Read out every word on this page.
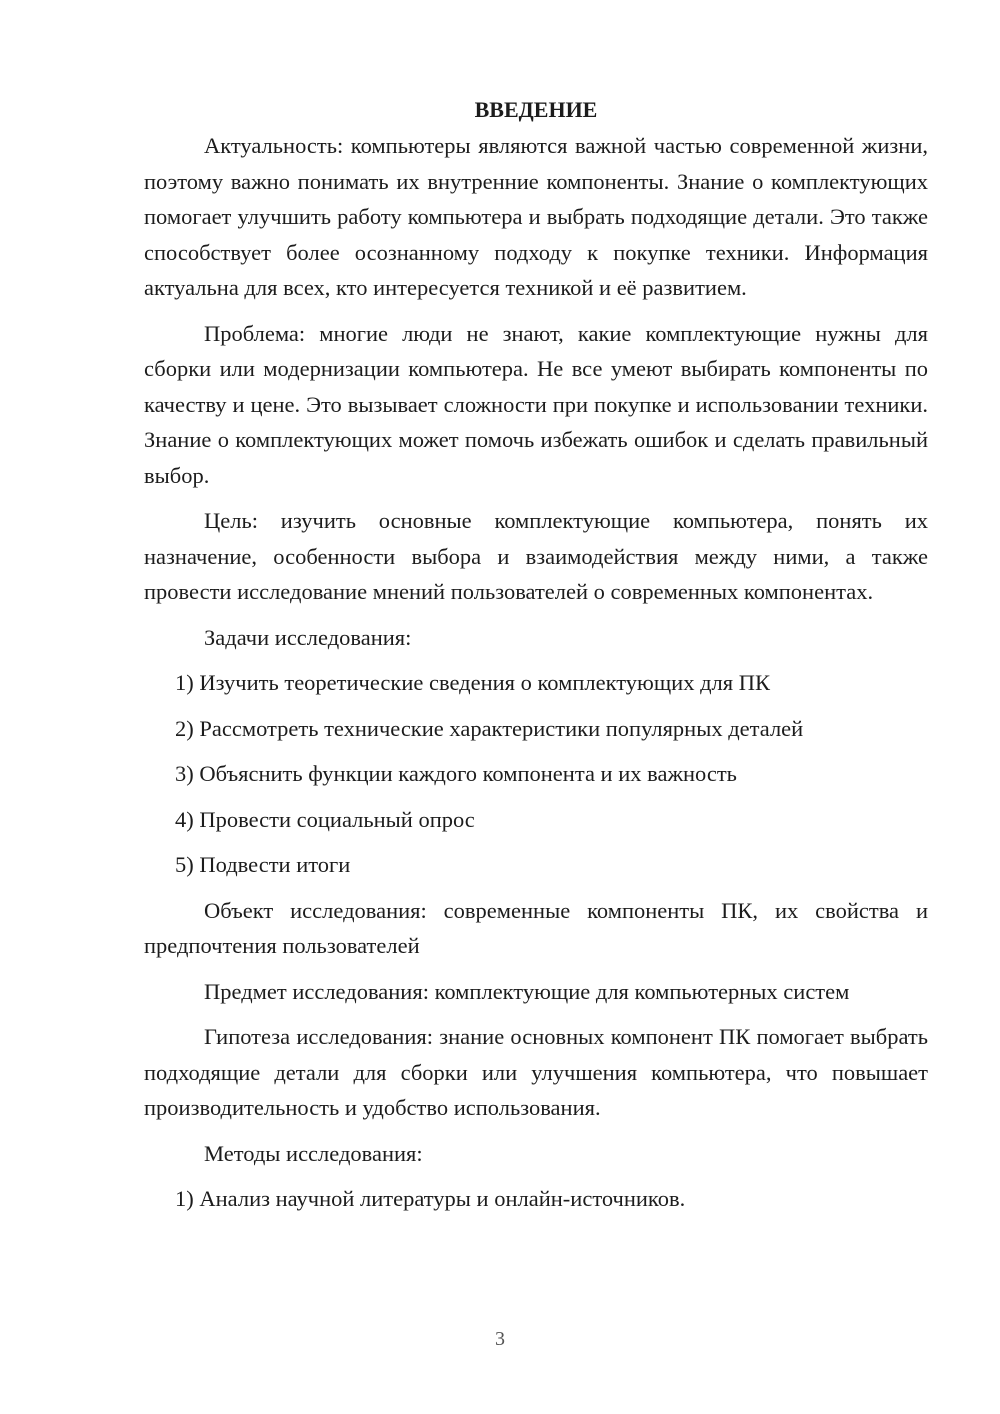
ВВЕДЕНИЕ

Актуальность: компьютеры являются важной частью современной жизни, поэтому важно понимать их внутренние компоненты. Знание о комплектующих помогает улучшить работу компьютера и выбрать подходящие детали. Это также способствует более осознанному подходу к покупке техники. Информация актуальна для всех, кто интересуется техникой и её развитием.

Проблема: многие люди не знают, какие комплектующие нужны для сборки или модернизации компьютера. Не все умеют выбирать компоненты по качеству и цене. Это вызывает сложности при покупке и использовании техники. Знание о комплектующих может помочь избежать ошибок и сделать правильный выбор.

Цель: изучить основные комплектующие компьютера, понять их назначение, особенности выбора и взаимодействия между ними, а также провести исследование мнений пользователей о современных компонентах.

Задачи исследования:

1) Изучить теоретические сведения о комплектующих для ПК

2) Рассмотреть технические характеристики популярных деталей

3) Объяснить функции каждого компонента и их важность

4) Провести социальный опрос

5) Подвести итоги

Объект исследования: современные компоненты ПК, их свойства и предпочтения пользователей

Предмет исследования: комплектующие для компьютерных систем

Гипотеза исследования: знание основных компонент ПК помогает выбрать подходящие детали для сборки или улучшения компьютера, что повышает производительность и удобство использования.

Методы исследования:

1) Анализ научной литературы и онлайн-источников.

3
